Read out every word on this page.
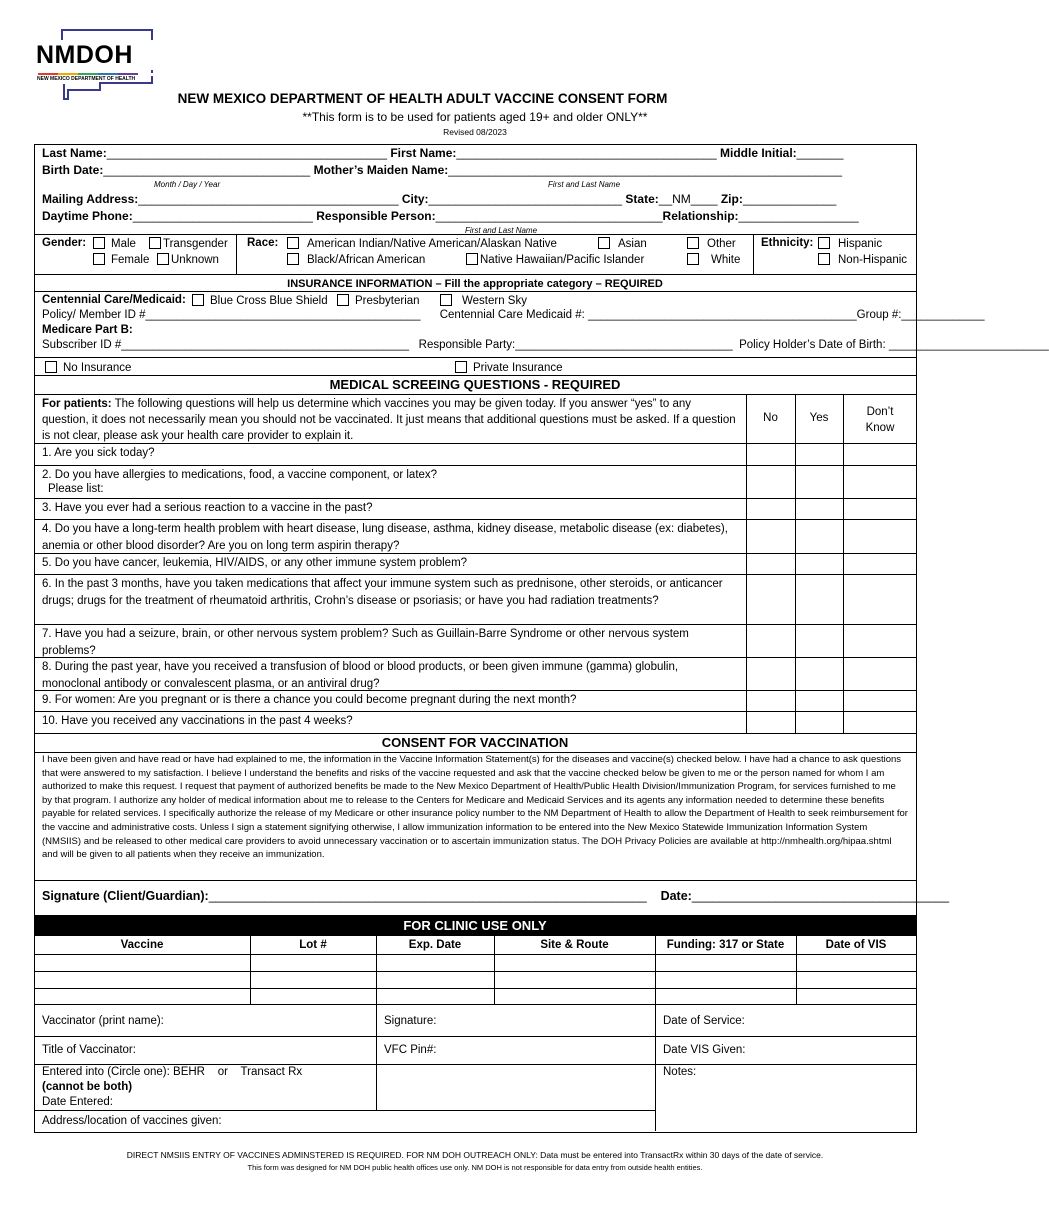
NMDOH
NEW MEXICO DEPARTMENT OF HEALTH
NEW MEXICO DEPARTMENT OF HEALTH ADULT VACCINE CONSENT FORM
**This form is to be used for patients aged 19+ and older ONLY**
Revised 08/2023
Last Name:__________________________________________ First Name:_______________________________________ Middle Initial:_______
Birth Date:_______________________________ Mother’s Maiden Name:___________________________________________________________
Month / Day / Year	First and Last Name
Mailing Address:_______________________________________ City:_____________________________ State:__NM____ Zip:______________
Daytime Phone:___________________________ Responsible Person:__________________________________Relationship:__________________
First and Last Name
Gender:	Male	Transgender
Female	Unknown
Race:	American Indian/Native American/Alaskan Native	Asian	Other
Black/African American	Native Hawaiian/Pacific Islander	White
Ethnicity:	Hispanic
Non-Hispanic
INSURANCE INFORMATION – Fill the appropriate category – REQUIRED
Centennial Care/Medicaid:	Blue Cross Blue Shield	Presbyterian	Western Sky
Policy/ Member ID #___________________________________________ Centennial Care Medicaid #: __________________________________________Group #:_____________
Medicare Part B:
Subscriber ID #_____________________________________________ Responsible Party:__________________________________ Policy Holder’s Date of Birth: _________________________
No Insurance	Private Insurance
MEDICAL SCREEING QUESTIONS - REQUIRED
For patients: The following questions will help us determine which vaccines you may be given today. If you answer “yes” to any question, it does not necessarily mean you should not be vaccinated. It just means that additional questions must be asked. If a question is not clear, please ask your health care provider to explain it.
No	Yes	Don’t Know
1. Are you sick today?
2. Do you have allergies to medications, food, a vaccine component, or latex?
Please list:
3. Have you ever had a serious reaction to a vaccine in the past?
4. Do you have a long-term health problem with heart disease, lung disease, asthma, kidney disease, metabolic disease (ex: diabetes), anemia or other blood disorder? Are you on long term aspirin therapy?
5. Do you have cancer, leukemia, HIV/AIDS, or any other immune system problem?
6. In the past 3 months, have you taken medications that affect your immune system such as prednisone, other steroids, or anticancer drugs; drugs for the treatment of rheumatoid arthritis, Crohn’s disease or psoriasis; or have you had radiation treatments?
7. Have you had a seizure, brain, or other nervous system problem? Such as Guillain-Barre Syndrome or other nervous system problems?
8. During the past year, have you received a transfusion of blood or blood products, or been given immune (gamma) globulin, monoclonal antibody or convalescent plasma, or an antiviral drug?
9. For women: Are you pregnant or is there a chance you could become pregnant during the next month?
10. Have you received any vaccinations in the past 4 weeks?
CONSENT FOR VACCINATION
I have been given and have read or have had explained to me, the information in the Vaccine Information Statement(s) for the diseases and vaccine(s) checked below. I have had a chance to ask questions that were answered to my satisfaction. I believe I understand the benefits and risks of the vaccine requested and ask that the vaccine checked below be given to me or the person named for whom I am authorized to make this request. I request that payment of authorized benefits be made to the New Mexico Department of Health/Public Health Division/Immunization Program, for services furnished to me by that program. I authorize any holder of medical information about me to release to the Centers for Medicare and Medicaid Services and its agents any information needed to determine these benefits payable for related services. I specifically authorize the release of my Medicare or other insurance policy number to the NM Department of Health to allow the Department of Health to seek reimbursement for the vaccine and administrative costs. Unless I sign a statement signifying otherwise, I allow immunization information to be entered into the New Mexico Statewide Immunization Information System (NMSIIS) and be released to other medical care providers to avoid unnecessary vaccination or to ascertain immunization status. The DOH Privacy Policies are available at http://nmhealth.org/hipaa.shtml and will be given to all patients when they receive an immunization.
Signature (Client/Guardian):_______________________________________________________________ Date:_____________________________________
FOR CLINIC USE ONLY
Vaccine	Lot #	Exp. Date	Site & Route	Funding: 317 or State	Date of VIS
Vaccinator (print name):	Signature:	Date of Service:
Title of Vaccinator:	VFC Pin#:	Date VIS Given:
Entered into (Circle one): BEHR    or    Transact Rx
(cannot be both)
Date Entered:
Notes:
Address/location of vaccines given:
DIRECT NMSIIS ENTRY OF VACCINES ADMINSTERED IS REQUIRED. FOR NM DOH OUTREACH ONLY: Data must be entered into TransactRx within 30 days of the date of service.
This form was designed for NM DOH public health offices use only. NM DOH is not responsible for data entry from outside health entities.
